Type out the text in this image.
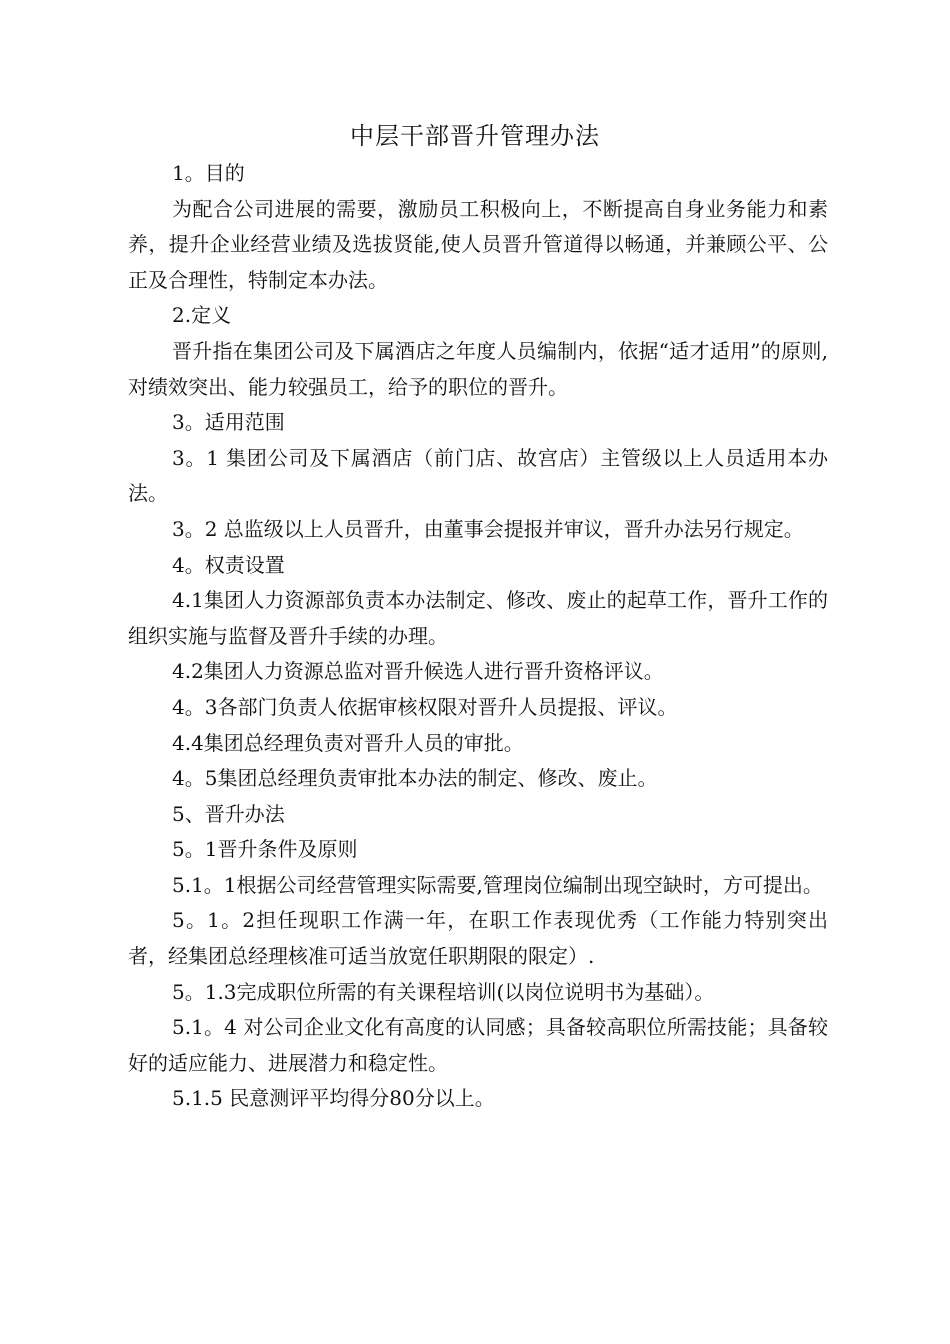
中层干部晋升管理办法

1。目的

为配合公司进展的需要，激励员工积极向上，不断提高自身业务能力和素养，提升企业经营业绩及选拔贤能,使人员晋升管道得以畅通，并兼顾公平、公正及合理性，特制定本办法。

2.定义

晋升指在集团公司及下属酒店之年度人员编制内，依据“适才适用”的原则,对绩效突出、能力较强员工，给予的职位的晋升。

3。适用范围

3。1 集团公司及下属酒店（前门店、故宫店）主管级以上人员适用本办法。

3。2 总监级以上人员晋升，由董事会提报并审议，晋升办法另行规定。

4。权责设置

4.1集团人力资源部负责本办法制定、修改、废止的起草工作，晋升工作的组织实施与监督及晋升手续的办理。

4.2集团人力资源总监对晋升候选人进行晋升资格评议。

4。3各部门负责人依据审核权限对晋升人员提报、评议。

4.4集团总经理负责对晋升人员的审批。

4。5集团总经理负责审批本办法的制定、修改、废止。

5、晋升办法

5。1晋升条件及原则

5.1。1根据公司经营管理实际需要,管理岗位编制出现空缺时，方可提出。

5。1。2担任现职工作满一年，在职工作表现优秀（工作能力特别突出者，经集团总经理核准可适当放宽任职期限的限定）.

5。1.3完成职位所需的有关课程培训(以岗位说明书为基础）。

5.1。4 对公司企业文化有高度的认同感；具备较高职位所需技能；具备较好的适应能力、进展潜力和稳定性。

5.1.5 民意测评平均得分80分以上。
